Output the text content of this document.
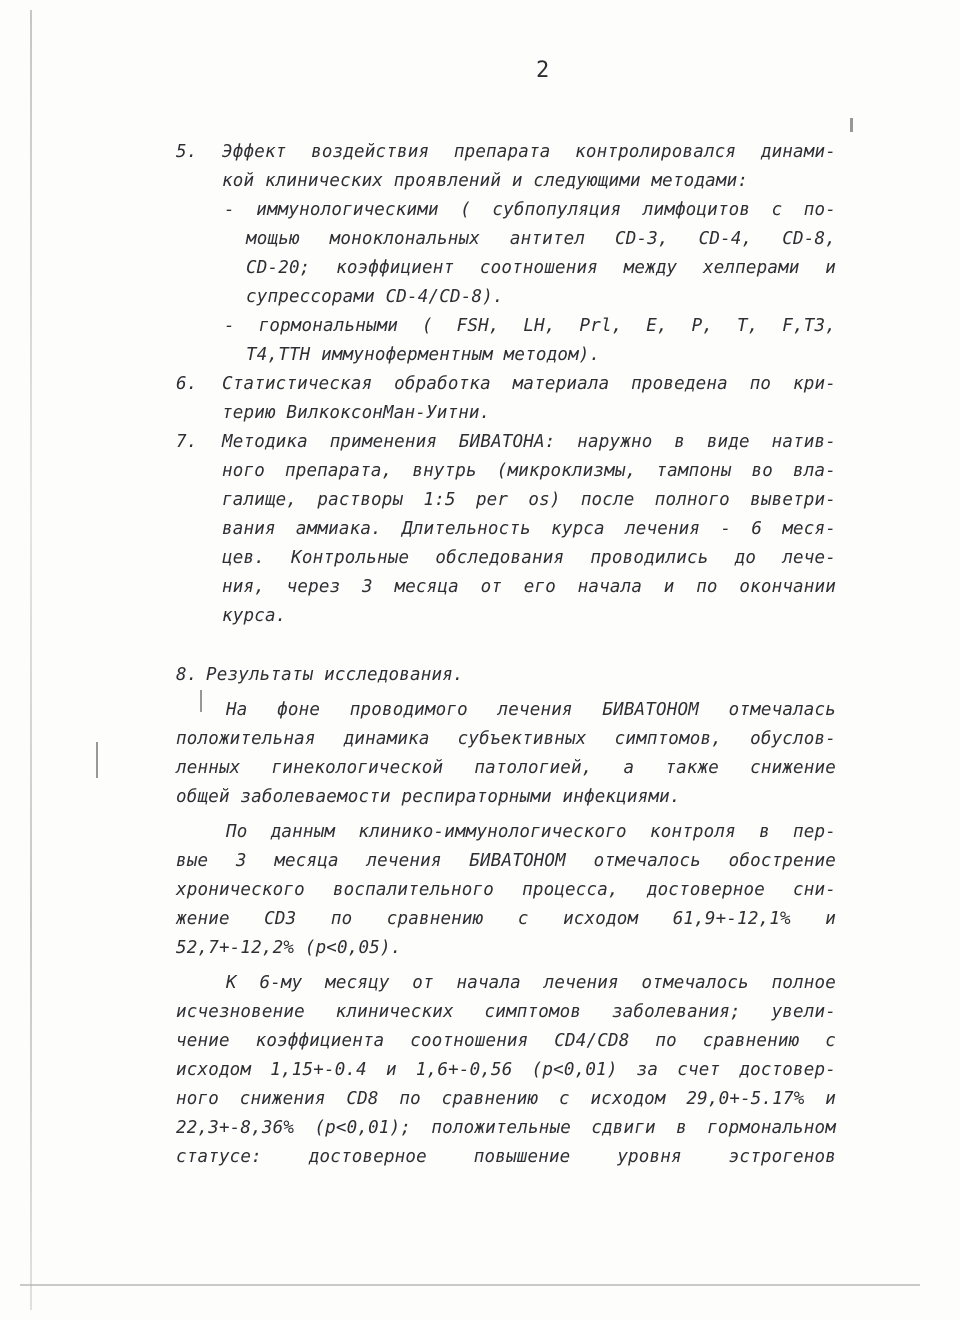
2
5.	Эффект воздействия препарата контролировался динами-
кой клинических проявлений и следующими методами:
- иммунологическими ( субпопуляция лимфоцитов с по-
мощью моноклональных антител CD-3, CD-4, CD-8,
CD-20; коэффициент соотношения между хелперами и
супрессорами CD-4/CD-8).
- гормональными ( FSH, LH, Prl, E, P, T, F,T3,
T4,TTH иммуноферментным методом).
6.	Статистическая обработка материала проведена по кри-
терию ВилкоксонМан-Уитни.
7.	Методика применения БИВАТОНА: наружно в виде натив-
ного препарата, внутрь (микроклизмы, тампоны во вла-
галище, растворы 1:5 per os) после полного выветри-
вания аммиака. Длительность курса лечения - 6 меся-
цев. Контрольные обследования проводились до лече-
ния, через 3 месяца от его начала и по окончании
курса.
8. Результаты исследования.
На фоне проводимого лечения БИВАТОНОМ отмечалась
положительная динамика субъективных симптомов, обуслов-
ленных гинекологической патологией, а также снижение
общей заболеваемости респираторными инфекциями.
По данным клинико-иммунологического контроля в пер-
вые 3 месяца лечения БИВАТОНОМ отмечалось обострение
хронического воспалительного процесса, достоверное сни-
жение CD3 по сравнению с исходом 61,9+-12,1% и
52,7+-12,2% (p<0,05).
К 6-му месяцу от начала лечения отмечалось полное
исчезновение клинических симптомов заболевания; увели-
чение коэффициента соотношения CD4/CD8 по сравнению с
исходом 1,15+-0.4 и 1,6+-0,56 (p<0,01) за счет достовер-
ного снижения CD8 по сравнению с исходом 29,0+-5.17% и
22,3+-8,36% (p<0,01); положительные сдвиги в гормональном
статусе: достоверное повышение уровня эстрогенов
